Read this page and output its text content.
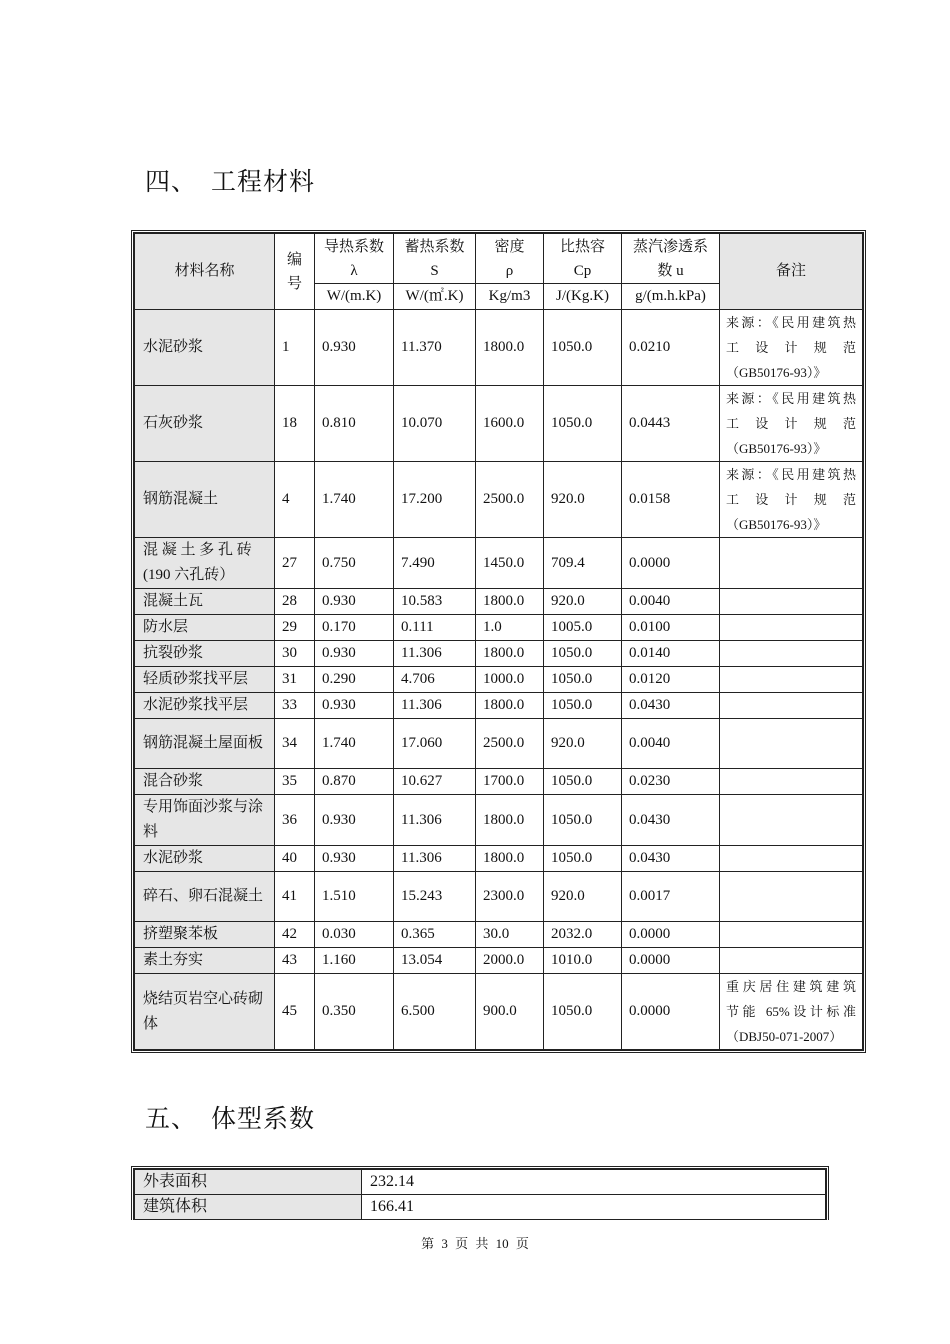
四、 工程材料
材料名称	编号	导热系数λ	蓄热系数 S	密度ρ	比热容Cp	蒸汽渗透系数 u	备注
		W/(m.K)	W/(㎡.K)	Kg/m3	J/(Kg.K)	g/(m.h.kPa)	
水泥砂浆	1	0.930	11.370	1800.0	1050.0	0.0210	来源：《民用建筑热
工 设 计 规 范
（GB50176-93）》

石灰砂浆	18	0.810	10.070	1600.0	1050.0	0.0443	来源：《民用建筑热
工 设 计 规 范
（GB50176-93）》

钢筋混凝土	4	1.740	17.200	2500.0	920.0	0.0158	来源：《民用建筑热
工 设 计 规 范
（GB50176-93）》

混 凝 土 多 孔 砖 (190 六孔砖）	27	0.750	7.490	1450.0	709.4	0.0000	
混凝土瓦	28	0.930	10.583	1800.0	920.0	0.0040	
防水层	29	0.170	0.111	1.0	1005.0	0.0100	
抗裂砂浆	30	0.930	11.306	1800.0	1050.0	0.0140	
轻质砂浆找平层	31	0.290	4.706	1000.0	1050.0	0.0120	
水泥砂浆找平层	33	0.930	11.306	1800.0	1050.0	0.0430	
钢筋混凝土屋面板	34	1.740	17.060	2500.0	920.0	0.0040	
混合砂浆	35	0.870	10.627	1700.0	1050.0	0.0230	
专用饰面沙浆与涂料	36	0.930	11.306	1800.0	1050.0	0.0430	
水泥砂浆	40	0.930	11.306	1800.0	1050.0	0.0430	
碎石、卵石混凝土	41	1.510	15.243	2300.0	920.0	0.0017	
挤塑聚苯板	42	0.030	0.365	30.0	2032.0	0.0000	
素土夯实	43	1.160	13.054	2000.0	1010.0	0.0000	
烧结页岩空心砖砌体	45	0.350	6.500	900.0	1050.0	0.0000	重庆居住建筑建筑
节能 65%设计标准
（DBJ50-071-2007）
五、 体型系数
外表面积	232.14
建筑体积	166.41
第 3 页 共 10 页
